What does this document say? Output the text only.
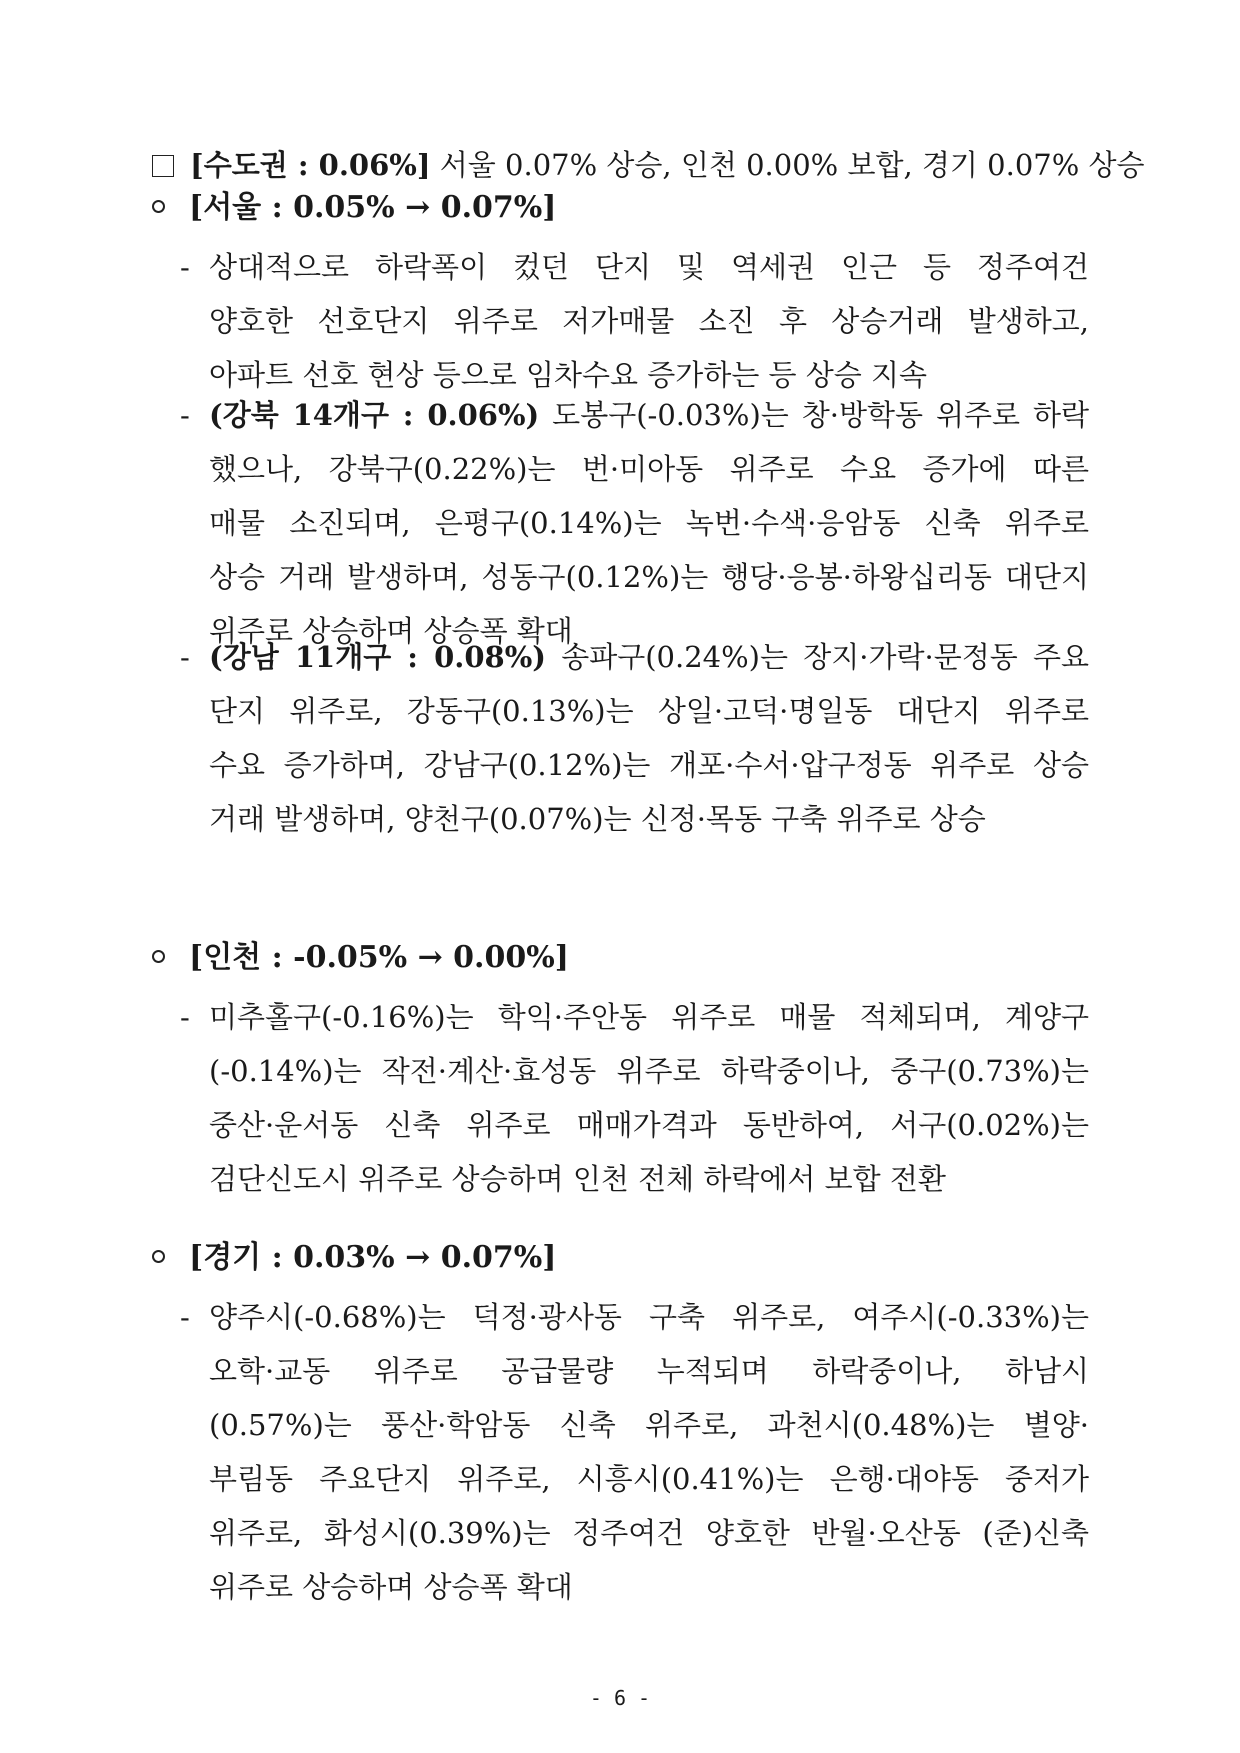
[수도권 : 0.06%] 서울 0.07% 상승, 인천 0.00% 보합, 경기 0.07% 상승
[서울 : 0.05% → 0.07%]
- 상대적으로 하락폭이 컸던 단지 및 역세권 인근 등 정주여건
양호한 선호단지 위주로 저가매물 소진 후 상승거래 발생하고,
아파트 선호 현상 등으로 임차수요 증가하는 등 상승 지속
- (강북 14개구 : 0.06%) 도봉구(-0.03%)는 창·방학동 위주로 하락
했으나, 강북구(0.22%)는 번·미아동 위주로 수요 증가에 따른
매물 소진되며, 은평구(0.14%)는 녹번·수색·응암동 신축 위주로
상승 거래 발생하며, 성동구(0.12%)는 행당·응봉·하왕십리동 대단지
위주로 상승하며 상승폭 확대
- (강남 11개구 : 0.08%) 송파구(0.24%)는 장지·가락·문정동 주요
단지 위주로, 강동구(0.13%)는 상일·고덕·명일동 대단지 위주로
수요 증가하며, 강남구(0.12%)는 개포·수서·압구정동 위주로 상승
거래 발생하며, 양천구(0.07%)는 신정·목동 구축 위주로 상승
[인천 : -0.05% → 0.00%]
- 미추홀구(-0.16%)는 학익·주안동 위주로 매물 적체되며, 계양구
(-0.14%)는 작전·계산·효성동 위주로 하락중이나, 중구(0.73%)는
중산·운서동 신축 위주로 매매가격과 동반하여, 서구(0.02%)는
검단신도시 위주로 상승하며 인천 전체 하락에서 보합 전환
[경기 : 0.03% → 0.07%]
- 양주시(-0.68%)는 덕정·광사동 구축 위주로, 여주시(-0.33%)는
오학·교동 위주로 공급물량 누적되며 하락중이나, 하남시
(0.57%)는 풍산·학암동 신축 위주로, 과천시(0.48%)는 별양·
부림동 주요단지 위주로, 시흥시(0.41%)는 은행·대야동 중저가
위주로, 화성시(0.39%)는 정주여건 양호한 반월·오산동 (준)신축
위주로 상승하며 상승폭 확대
- 6 -
